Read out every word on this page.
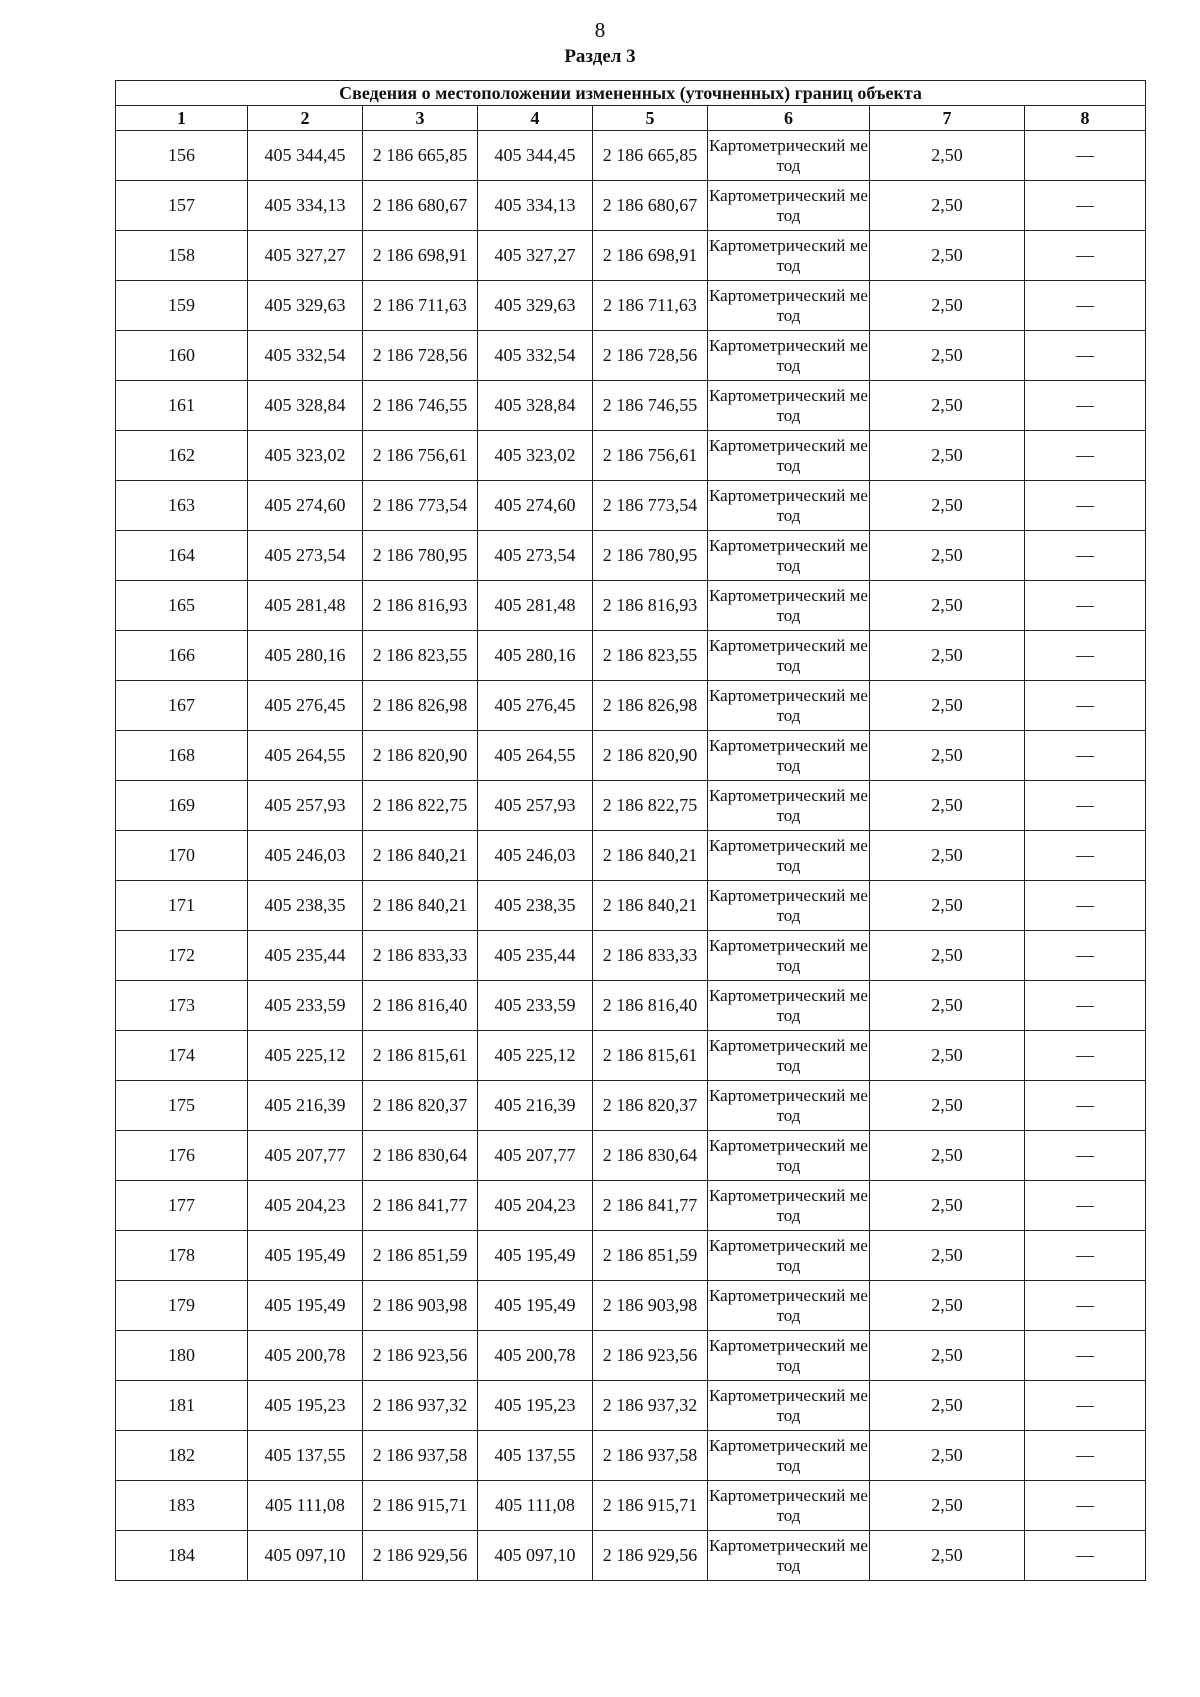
8
Раздел 3
Сведения о местоположении измененных (уточненных) границ объекта							
1	2	3	4	5	6	7	8
156	405 344,45	2 186 665,85	405 344,45	2 186 665,85	Картометрический метод	2,50	—
157	405 334,13	2 186 680,67	405 334,13	2 186 680,67	Картометрический метод	2,50	—
158	405 327,27	2 186 698,91	405 327,27	2 186 698,91	Картометрический метод	2,50	—
159	405 329,63	2 186 711,63	405 329,63	2 186 711,63	Картометрический метод	2,50	—
160	405 332,54	2 186 728,56	405 332,54	2 186 728,56	Картометрический метод	2,50	—
161	405 328,84	2 186 746,55	405 328,84	2 186 746,55	Картометрический метод	2,50	—
162	405 323,02	2 186 756,61	405 323,02	2 186 756,61	Картометрический метод	2,50	—
163	405 274,60	2 186 773,54	405 274,60	2 186 773,54	Картометрический метод	2,50	—
164	405 273,54	2 186 780,95	405 273,54	2 186 780,95	Картометрический метод	2,50	—
165	405 281,48	2 186 816,93	405 281,48	2 186 816,93	Картометрический метод	2,50	—
166	405 280,16	2 186 823,55	405 280,16	2 186 823,55	Картометрический метод	2,50	—
167	405 276,45	2 186 826,98	405 276,45	2 186 826,98	Картометрический метод	2,50	—
168	405 264,55	2 186 820,90	405 264,55	2 186 820,90	Картометрический метод	2,50	—
169	405 257,93	2 186 822,75	405 257,93	2 186 822,75	Картометрический метод	2,50	—
170	405 246,03	2 186 840,21	405 246,03	2 186 840,21	Картометрический метод	2,50	—
171	405 238,35	2 186 840,21	405 238,35	2 186 840,21	Картометрический метод	2,50	—
172	405 235,44	2 186 833,33	405 235,44	2 186 833,33	Картометрический метод	2,50	—
173	405 233,59	2 186 816,40	405 233,59	2 186 816,40	Картометрический метод	2,50	—
174	405 225,12	2 186 815,61	405 225,12	2 186 815,61	Картометрический метод	2,50	—
175	405 216,39	2 186 820,37	405 216,39	2 186 820,37	Картометрический метод	2,50	—
176	405 207,77	2 186 830,64	405 207,77	2 186 830,64	Картометрический метод	2,50	—
177	405 204,23	2 186 841,77	405 204,23	2 186 841,77	Картометрический метод	2,50	—
178	405 195,49	2 186 851,59	405 195,49	2 186 851,59	Картометрический метод	2,50	—
179	405 195,49	2 186 903,98	405 195,49	2 186 903,98	Картометрический метод	2,50	—
180	405 200,78	2 186 923,56	405 200,78	2 186 923,56	Картометрический метод	2,50	—
181	405 195,23	2 186 937,32	405 195,23	2 186 937,32	Картометрический метод	2,50	—
182	405 137,55	2 186 937,58	405 137,55	2 186 937,58	Картометрический метод	2,50	—
183	405 111,08	2 186 915,71	405 111,08	2 186 915,71	Картометрический метод	2,50	—
184	405 097,10	2 186 929,56	405 097,10	2 186 929,56	Картометрический метод	2,50	—
